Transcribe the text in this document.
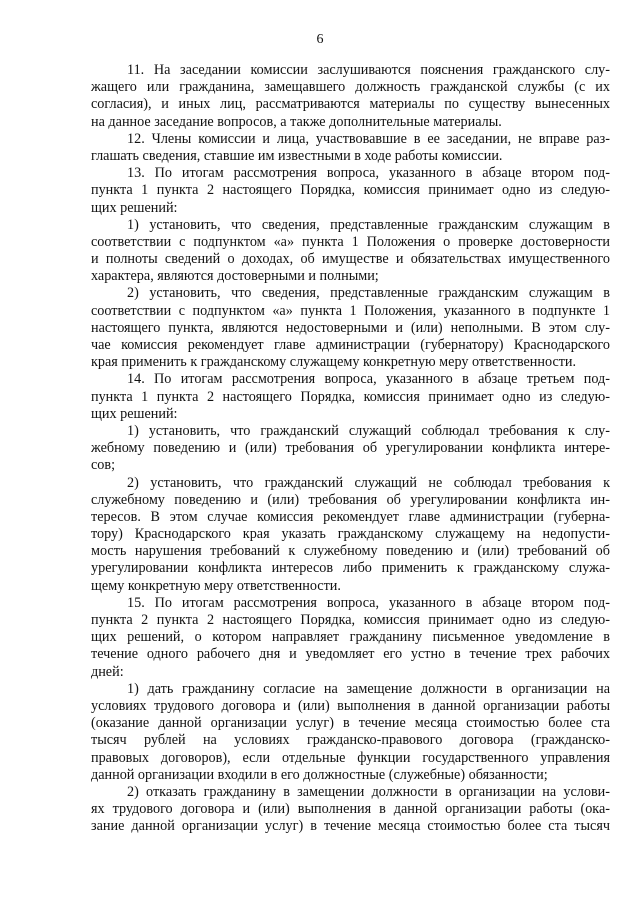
6
11. На заседании комиссии заслушиваются пояснения гражданского слу-
жащего или гражданина, замещавшего должность гражданской службы (с их
согласия), и иных лиц, рассматриваются материалы по существу вынесенных
на данное заседание вопросов, а также дополнительные материалы.
12. Члены комиссии и лица, участвовавшие в ее заседании, не вправе раз-
глашать сведения, ставшие им известными в ходе работы комиссии.
13. По итогам рассмотрения вопроса, указанного в абзаце втором под-
пункта 1 пункта 2 настоящего Порядка, комиссия принимает одно из следую-
щих решений:
1) установить, что сведения, представленные гражданским служащим в
соответствии с подпунктом «а» пункта 1 Положения о проверке достоверности
и полноты сведений о доходах, об имуществе и обязательствах имущественного
характера, являются достоверными и полными;
2) установить, что сведения, представленные гражданским служащим в
соответствии с подпунктом «а» пункта 1 Положения, указанного в подпункте 1
настоящего пункта, являются недостоверными и (или) неполными. В этом слу-
чае комиссия рекомендует главе администрации (губернатору) Краснодарского
края применить к гражданскому служащему конкретную меру ответственности.
14. По итогам рассмотрения вопроса, указанного в абзаце третьем под-
пункта 1 пункта 2 настоящего Порядка, комиссия принимает одно из следую-
щих решений:
1) установить, что гражданский служащий соблюдал требования к слу-
жебному поведению и (или) требования об урегулировании конфликта интере-
сов;
2) установить, что гражданский служащий не соблюдал требования к
служебному поведению и (или) требования об урегулировании конфликта ин-
тересов. В этом случае комиссия рекомендует главе администрации (губерна-
тору) Краснодарского края указать гражданскому служащему на недопусти-
мость нарушения требований к служебному поведению и (или) требований об
урегулировании конфликта интересов либо применить к гражданскому служа-
щему конкретную меру ответственности.
15. По итогам рассмотрения вопроса, указанного в абзаце втором под-
пункта 2 пункта 2 настоящего Порядка, комиссия принимает одно из следую-
щих решений, о котором направляет гражданину письменное уведомление в
течение одного рабочего дня и уведомляет его устно в течение трех рабочих
дней:
1) дать гражданину согласие на замещение должности в организации на
условиях трудового договора и (или) выполнения в данной организации работы
(оказание данной организации услуг) в течение месяца стоимостью более ста
тысяч рублей на условиях гражданско-правового договора (гражданско-
правовых договоров), если отдельные функции государственного управления
данной организации входили в его должностные (служебные) обязанности;
2) отказать гражданину в замещении должности в организации на услови-
ях трудового договора и (или) выполнения в данной организации работы (ока-
зание данной организации услуг) в течение месяца стоимостью более ста тысяч
